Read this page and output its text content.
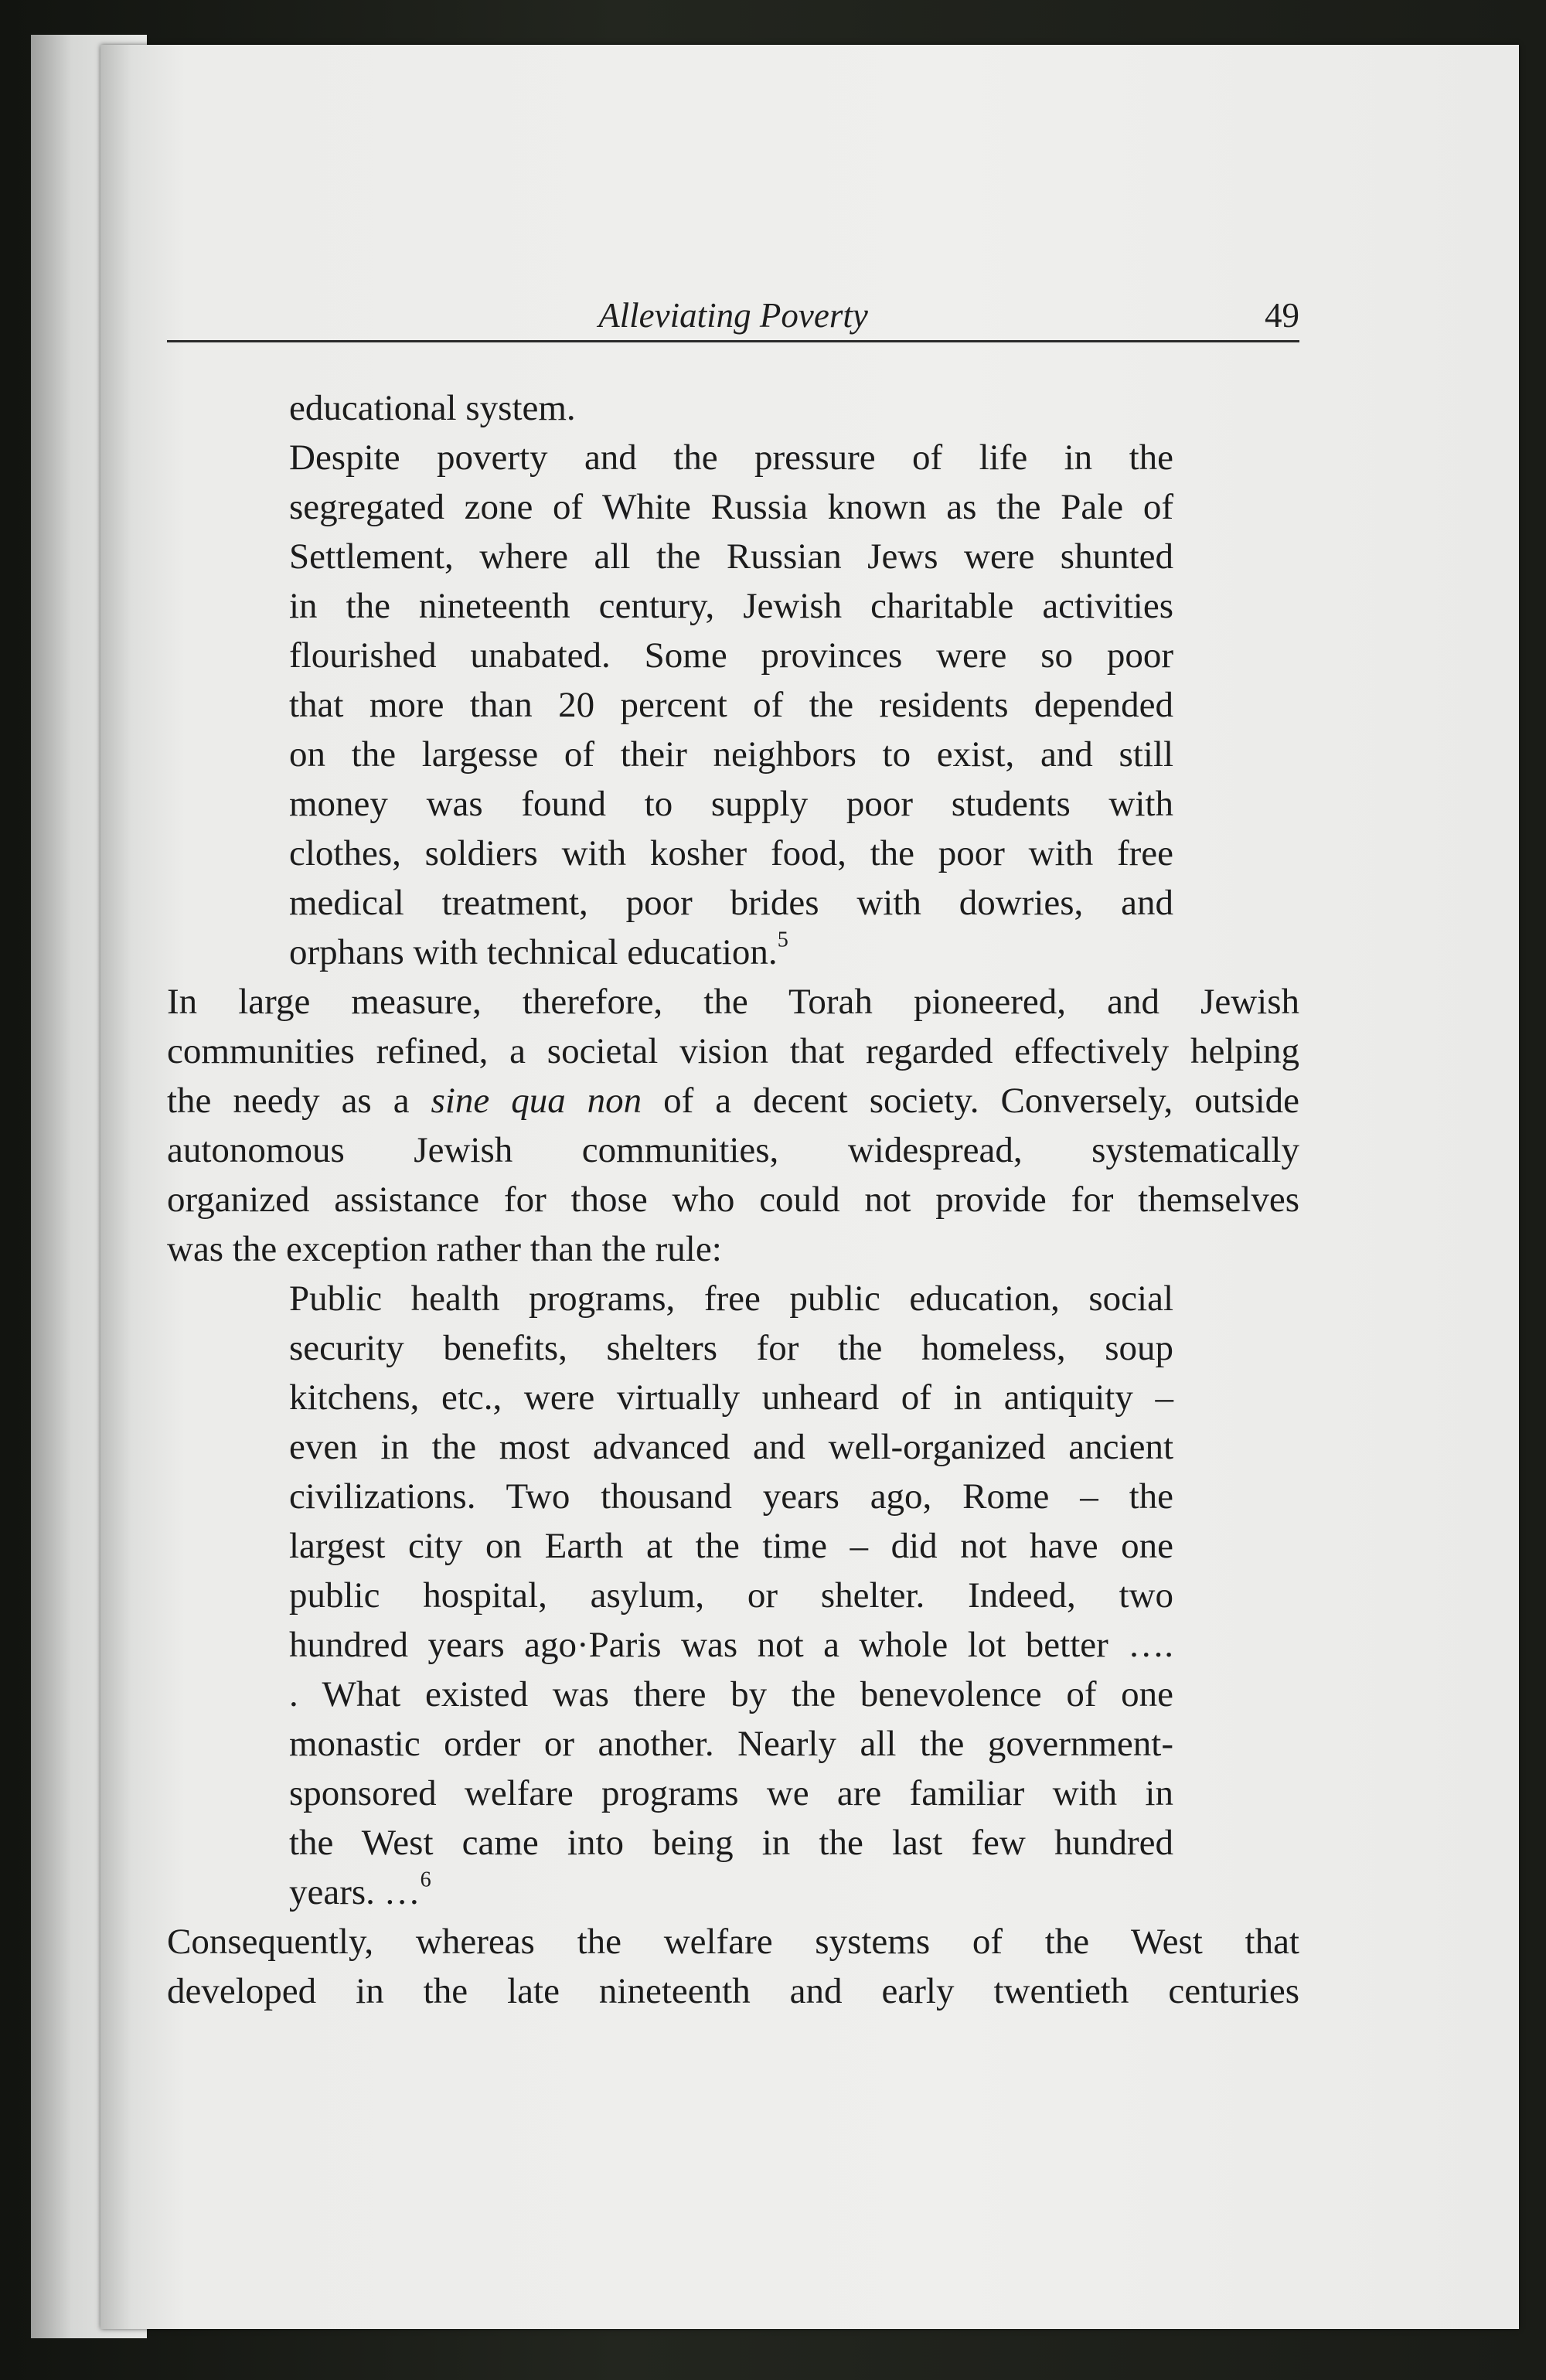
Alleviating Poverty	49
educational system.
Despite poverty and the pressure of life in the
segregated zone of White Russia known as the Pale of
Settlement, where all the Russian Jews were shunted
in the nineteenth century, Jewish charitable activities
flourished unabated. Some provinces were so poor
that more than 20 percent of the residents depended
on the largesse of their neighbors to exist, and still
money was found to supply poor students with
clothes, soldiers with kosher food, the poor with free
medical treatment, poor brides with dowries, and
orphans with technical education.$^5$
In large measure, therefore, the Torah pioneered, and Jewish
communities refined, a societal vision that regarded effectively helping
the needy as a sine qua non of a decent society. Conversely, outside
autonomous Jewish communities, widespread, systematically
organized assistance for those who could not provide for themselves
was the exception rather than the rule:
Public health programs, free public education, social
security benefits, shelters for the homeless, soup
kitchens, etc., were virtually unheard of in antiquity –
even in the most advanced and well-organized ancient
civilizations. Two thousand years ago, Rome – the
largest city on Earth at the time – did not have one
public hospital, asylum, or shelter. Indeed, two
hundred years ago·Paris was not a whole lot better ….
. What existed was there by the benevolence of one
monastic order or another. Nearly all the government-
sponsored welfare programs we are familiar with in
the West came into being in the last few hundred
years. …$^6$
Consequently, whereas the welfare systems of the West that
developed in the late nineteenth and early twentieth centuries
